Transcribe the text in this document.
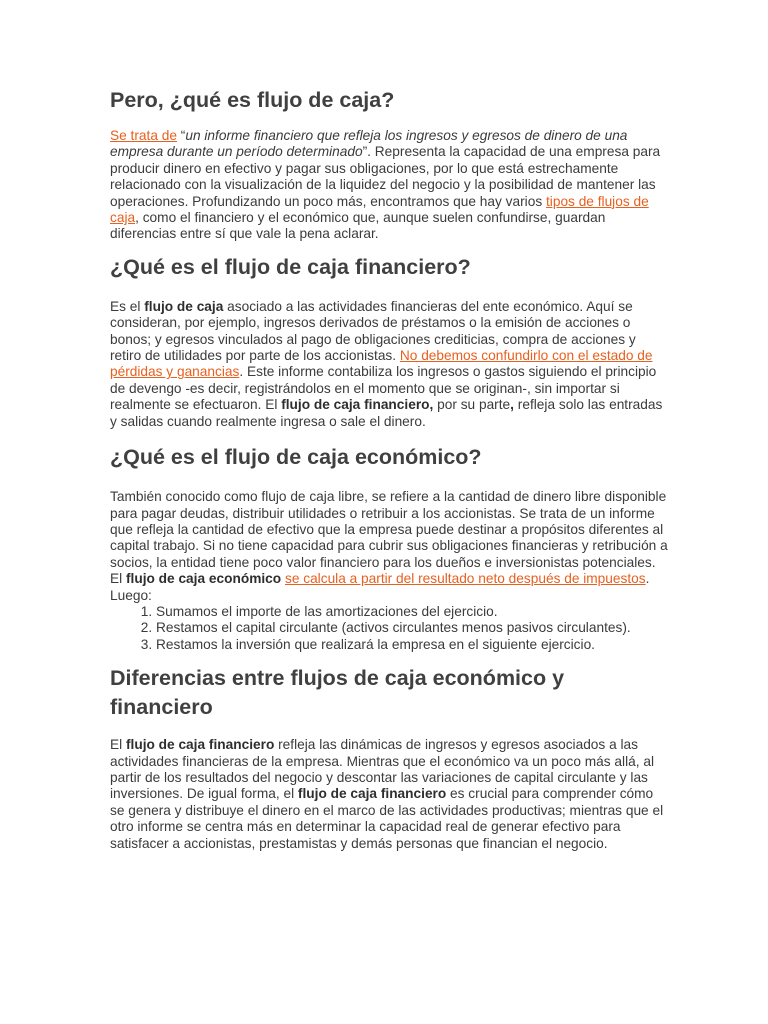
Pero, ¿qué es flujo de caja?

Se trata de “un informe financiero que refleja los ingresos y egresos de dinero de una empresa durante un período determinado”. Representa la capacidad de una empresa para producir dinero en efectivo y pagar sus obligaciones, por lo que está estrechamente relacionado con la visualización de la liquidez del negocio y la posibilidad de mantener las operaciones. Profundizando un poco más, encontramos que hay varios tipos de flujos de caja, como el financiero y el económico que, aunque suelen confundirse, guardan diferencias entre sí que vale la pena aclarar.

¿Qué es el flujo de caja financiero?

Es el flujo de caja asociado a las actividades financieras del ente económico. Aquí se consideran, por ejemplo, ingresos derivados de préstamos o la emisión de acciones o bonos; y egresos vinculados al pago de obligaciones crediticias, compra de acciones y retiro de utilidades por parte de los accionistas. No debemos confundirlo con el estado de pérdidas y ganancias. Este informe contabiliza los ingresos o gastos siguiendo el principio de devengo -es decir, registrándolos en el momento que se originan-, sin importar si realmente se efectuaron. El flujo de caja financiero, por su parte, refleja solo las entradas y salidas cuando realmente ingresa o sale el dinero.

¿Qué es el flujo de caja económico?

También conocido como flujo de caja libre, se refiere a la cantidad de dinero libre disponible para pagar deudas, distribuir utilidades o retribuir a los accionistas. Se trata de un informe que refleja la cantidad de efectivo que la empresa puede destinar a propósitos diferentes al capital trabajo. Si no tiene capacidad para cubrir sus obligaciones financieras y retribución a socios, la entidad tiene poco valor financiero para los dueños e inversionistas potenciales. El flujo de caja económico se calcula a partir del resultado neto después de impuestos. Luego:

1. Sumamos el importe de las amortizaciones del ejercicio.
2. Restamos el capital circulante (activos circulantes menos pasivos circulantes).
3. Restamos la inversión que realizará la empresa en el siguiente ejercicio.
Diferencias entre flujos de caja económico y financiero

El flujo de caja financiero refleja las dinámicas de ingresos y egresos asociados a las actividades financieras de la empresa. Mientras que el económico va un poco más allá, al partir de los resultados del negocio y descontar las variaciones de capital circulante y las inversiones. De igual forma, el flujo de caja financiero es crucial para comprender cómo se genera y distribuye el dinero en el marco de las actividades productivas; mientras que el otro informe se centra más en determinar la capacidad real de generar efectivo para satisfacer a accionistas, prestamistas y demás personas que financian el negocio.
